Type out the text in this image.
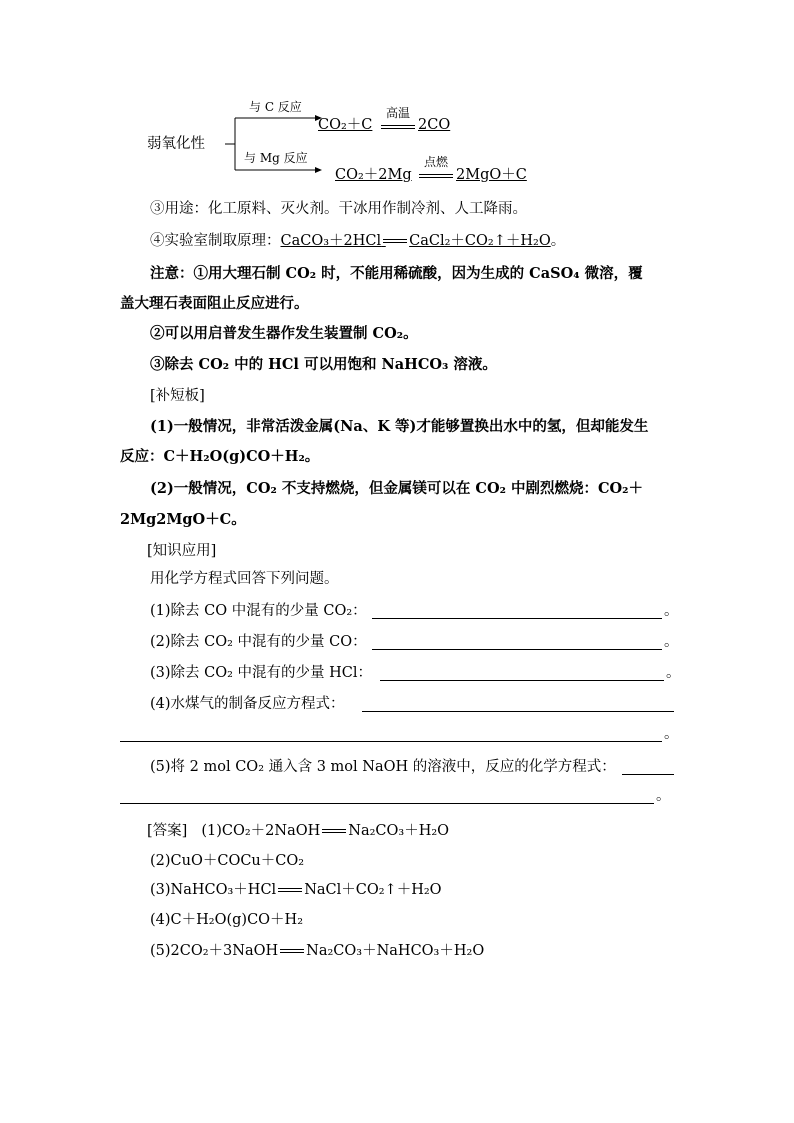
弱氧化性
与 C 反应
与 Mg 反应
CO₂＋C
高温
2CO
CO₂＋2Mg
点燃
2MgO＋C
③用途：化工原料、灭火剂。干冰用作制冷剂、人工降雨。
④实验室制取原理：CaCO₃＋2HCl CaCl₂＋CO₂↑＋H₂O。
注意：①用大理石制 CO₂ 时，不能用稀硫酸，因为生成的 CaSO₄ 微溶，覆
盖大理石表面阻止反应进行。
②可以用启普发生器作发生装置制 CO₂。
③除去 CO₂ 中的 HCl 可以用饱和 NaHCO₃ 溶液。
[补短板]
(1)一般情况，非常活泼金属(Na、K 等)才能够置换出水中的氢，但却能发生
反应：C＋H₂O(g)CO＋H₂。
(2)一般情况，CO₂ 不支持燃烧，但金属镁可以在 CO₂ 中剧烈燃烧：CO₂＋
2Mg2MgO＋C。
[知识应用]
用化学方程式回答下列问题。
(1)除去 CO 中混有的少量 CO₂：	。
(2)除去 CO₂ 中混有的少量 CO：	。
(3)除去 CO₂ 中混有的少量 HCl：	。
(4)水煤气的制备反应方程式：
。
(5)将 2 mol CO₂ 通入含 3 mol NaOH 的溶液中，反应的化学方程式：
。
[答案] (1)CO₂＋2NaOH Na₂CO₃＋H₂O
(2)CuO＋COCu＋CO₂
(3)NaHCO₃＋HCl NaCl＋CO₂↑＋H₂O
(4)C＋H₂O(g)CO＋H₂
(5)2CO₂＋3NaOH Na₂CO₃＋NaHCO₃＋H₂O
